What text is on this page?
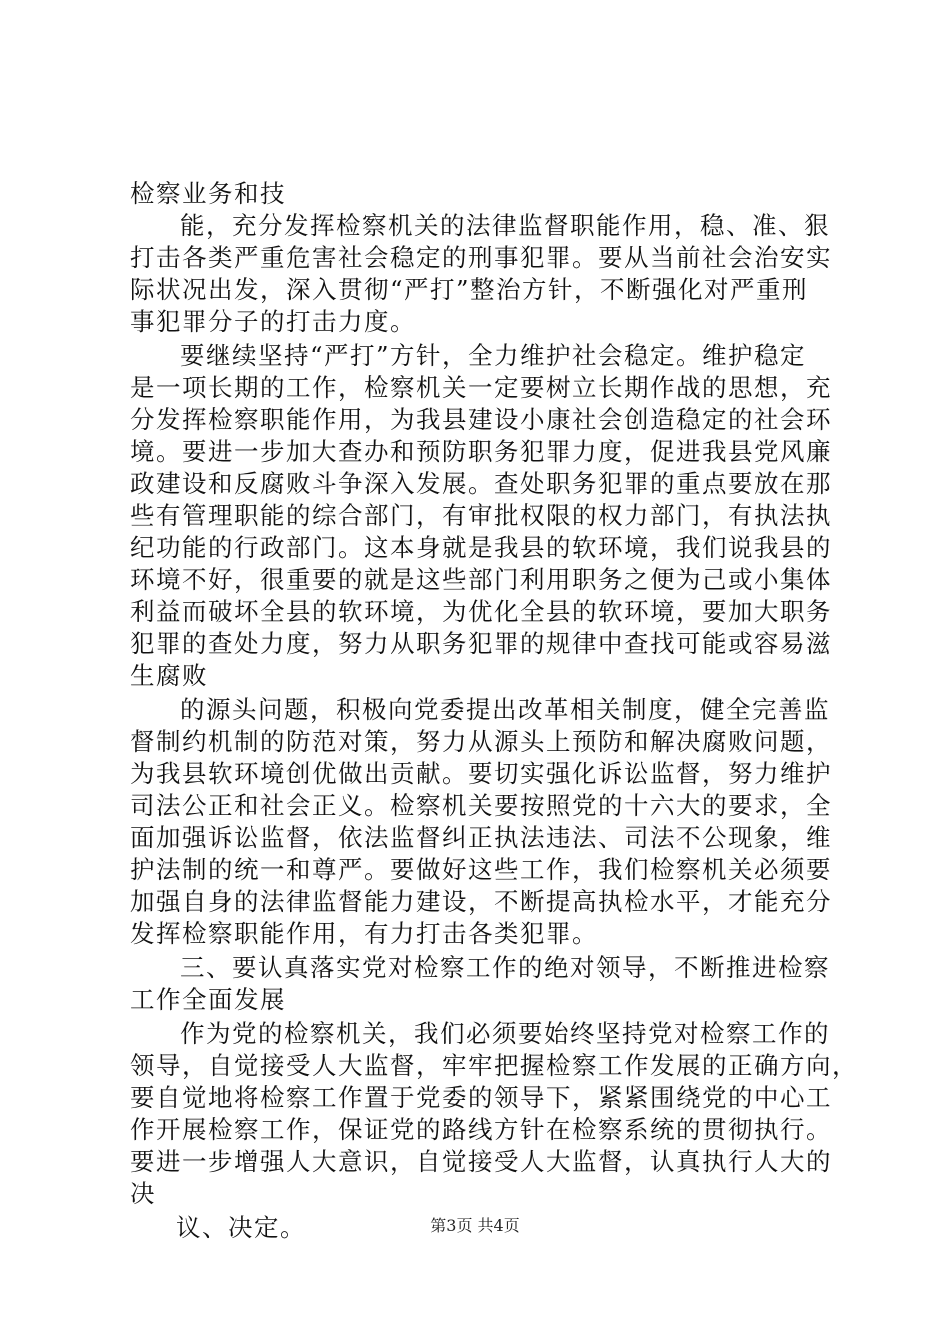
检察业务和技
能，充分发挥检察机关的法律监督职能作用，稳、准、狠
打击各类严重危害社会稳定的刑事犯罪。要从当前社会治安实
际状况出发，深入贯彻“严打”整治方针，不断强化对严重刑
事犯罪分子的打击力度。
要继续坚持“严打”方针，全力维护社会稳定。维护稳定
是一项长期的工作，检察机关一定要树立长期作战的思想，充
分发挥检察职能作用，为我县建设小康社会创造稳定的社会环
境。要进一步加大查办和预防职务犯罪力度，促进我县党风廉
政建设和反腐败斗争深入发展。查处职务犯罪的重点要放在那
些有管理职能的综合部门，有审批权限的权力部门，有执法执
纪功能的行政部门。这本身就是我县的软环境，我们说我县的
环境不好，很重要的就是这些部门利用职务之便为己或小集体
利益而破坏全县的软环境，为优化全县的软环境，要加大职务
犯罪的查处力度，努力从职务犯罪的规律中查找可能或容易滋
生腐败
的源头问题，积极向党委提出改革相关制度，健全完善监
督制约机制的防范对策，努力从源头上预防和解决腐败问题，
为我县软环境创优做出贡献。要切实强化诉讼监督，努力维护
司法公正和社会正义。检察机关要按照党的十六大的要求，全
面加强诉讼监督，依法监督纠正执法违法、司法不公现象，维
护法制的统一和尊严。要做好这些工作，我们检察机关必须要
加强自身的法律监督能力建设，不断提高执检水平，才能充分
发挥检察职能作用，有力打击各类犯罪。
三、要认真落实党对检察工作的绝对领导，不断推进检察
工作全面发展
作为党的检察机关，我们必须要始终坚持党对检察工作的
领导，自觉接受人大监督，牢牢把握检察工作发展的正确方向，
要自觉地将检察工作置于党委的领导下，紧紧围绕党的中心工
作开展检察工作，保证党的路线方针在检察系统的贯彻执行。
要进一步增强人大意识，自觉接受人大监督，认真执行人大的
决
议、决定。	第3页 共4页
